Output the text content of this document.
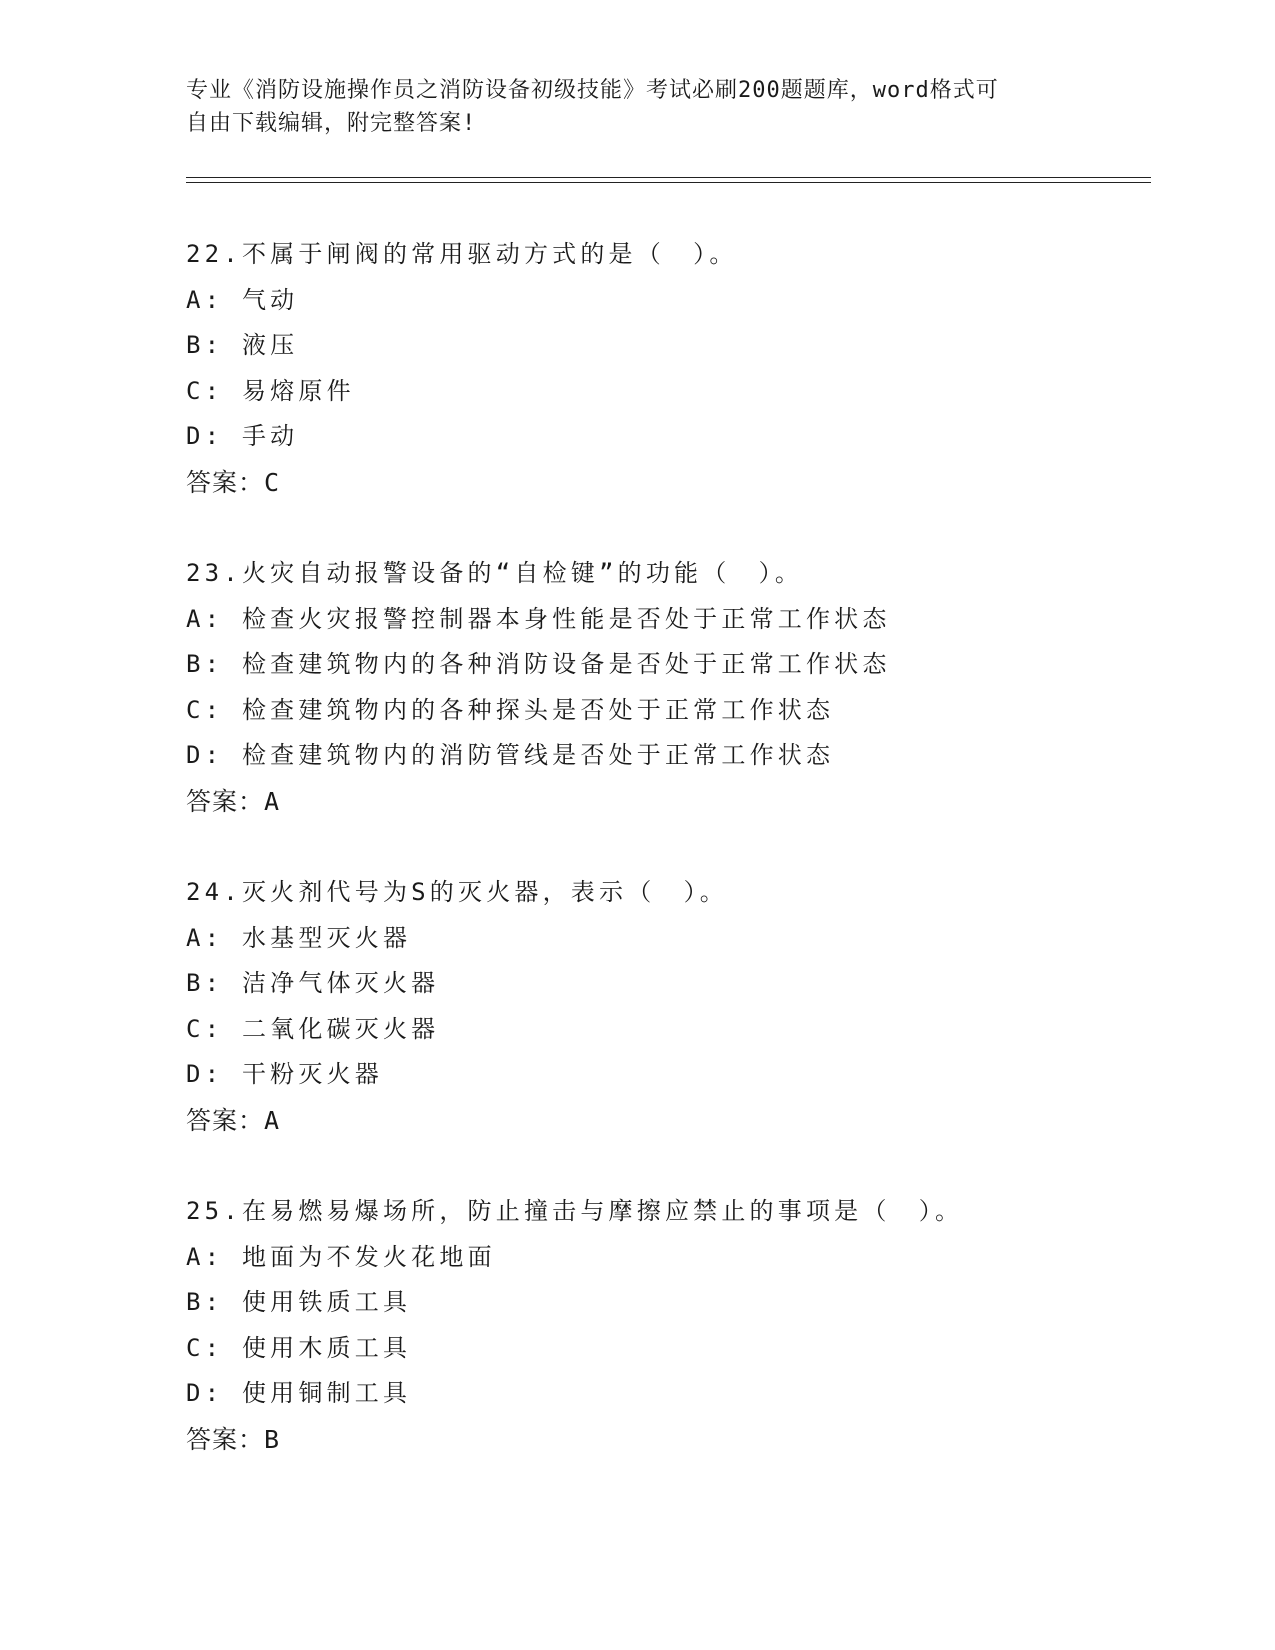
专业《消防设施操作员之消防设备初级技能》考试必刷200题题库，word格式可
自由下载编辑，附完整答案!
22.不属于闸阀的常用驱动方式的是（　）。
A: 气动
B: 液压
C: 易熔原件
D: 手动
答案：C
23.火灾自动报警设备的“自检键”的功能（　）。
A: 检查火灾报警控制器本身性能是否处于正常工作状态
B: 检查建筑物内的各种消防设备是否处于正常工作状态
C: 检查建筑物内的各种探头是否处于正常工作状态
D: 检查建筑物内的消防管线是否处于正常工作状态
答案：A
24.灭火剂代号为S的灭火器，表示（　）。
A: 水基型灭火器
B: 洁净气体灭火器
C: 二氧化碳灭火器
D: 干粉灭火器
答案：A
25.在易燃易爆场所，防止撞击与摩擦应禁止的事项是（　）。
A: 地面为不发火花地面
B: 使用铁质工具
C: 使用木质工具
D: 使用铜制工具
答案：B
